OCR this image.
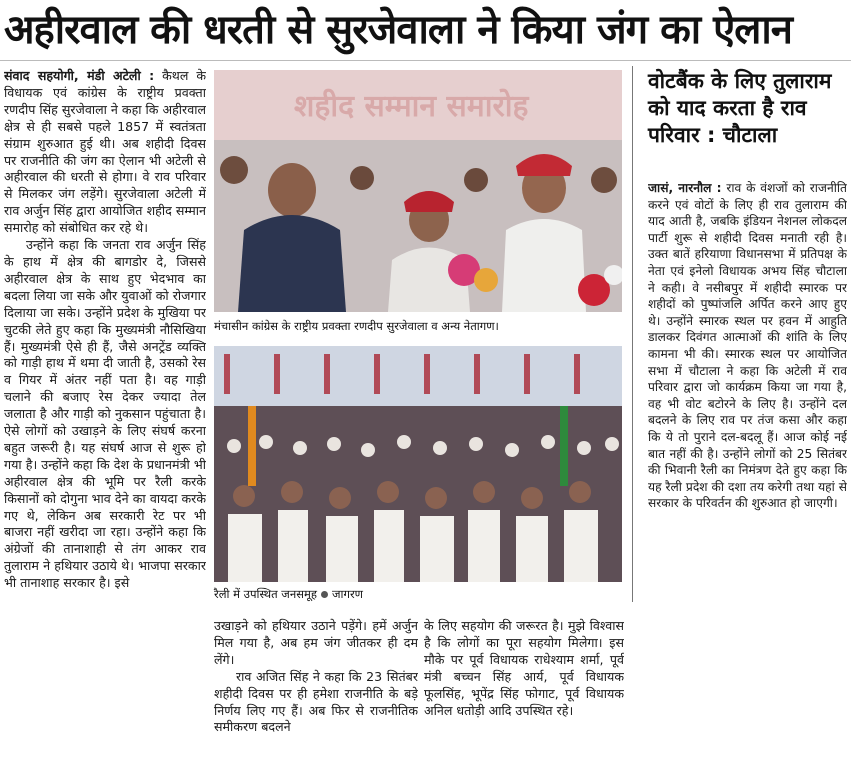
अहीरवाल की धरती से सुरजेवाला ने किया जंग का ऐलान

संवाद सहयोगी, मंडी अटेली : कैथल के विधायक एवं कांग्रेस के राष्ट्रीय प्रवक्ता रणदीप सिंह सुरजेवाला ने कहा कि अहीरवाल क्षेत्र से ही सबसे पहले 1857 में स्वतंत्रता संग्राम शुरुआत हुई थी। अब शहीदी दिवस पर राजनीति की जंग का ऐलान भी अटेली से अहीरवाल की धरती से होगा। वे राव परिवार से मिलकर जंग लड़ेंगे। सुरजेवाला अटेली में राव अर्जुन सिंह द्वारा आयोजित शहीद सम्मान समारोह को संबोधित कर रहे थे।

उन्होंने कहा कि जनता राव अर्जुन सिंह के हाथ में क्षेत्र की बागडोर दे, जिससे अहीरवाल क्षेत्र के साथ हुए भेदभाव का बदला लिया जा सके और युवाओं को रोजगार दिलाया जा सके। उन्होंने प्रदेश के मुखिया पर चुटकी लेते हुए कहा कि मुख्यमंत्री नौसिखिया हैं। मुख्यमंत्री ऐसे ही हैं, जैसे अनट्रेंड व्यक्ति को गाड़ी हाथ में थमा दी जाती है, उसको रेस व गियर में अंतर नहीं पता है। वह गाड़ी चलाने की बजाए रेस देकर ज्यादा तेल जलाता है और गाड़ी को नुकसान पहुंचाता है। ऐसे लोगों को उखाड़ने के लिए संघर्ष करना बहुत जरूरी है। यह संघर्ष आज से शुरू हो गया है। उन्होंने कहा कि देश के प्रधानमंत्री भी अहीरवाल क्षेत्र की भूमि पर रैली करके किसानों को दोगुना भाव देने का वायदा करके गए थे, लेकिन अब सरकारी रेट पर भी बाजरा नहीं खरीदा जा रहा। उन्होंने कहा कि अंग्रेजों की तानाशाही से तंग आकर राव तुलाराम ने हथियार उठाये थे। भाजपा सरकार भी तानाशाह सरकार है। इसे

शहीद सम्मान समारोह
मंचासीन कांग्रेस के राष्ट्रीय प्रवक्ता रणदीप सुरजेवाला व अन्य नेतागण।
रैली में उपस्थित जनसमूह जागरण

उखाड़ने को हथियार उठाने पड़ेंगे। हमें अर्जुन मिल गया है, अब हम जंग जीतकर ही दम लेंगे।

राव अजित सिंह ने कहा कि 23 सितंबर शहीदी दिवस पर ही हमेशा राजनीति के बड़े निर्णय लिए गए हैं। अब फिर से राजनीतिक समीकरण बदलने

के लिए सहयोग की जरूरत है। मुझे विश्वास है कि लोगों का पूरा सहयोग मिलेगा। इस मौके पर पूर्व विधायक राधेश्याम शर्मा, पूर्व मंत्री बच्चन सिंह आर्य, पूर्व विधायक फूलसिंह, भूपेंद्र सिंह फोगाट, पूर्व विधायक अनिल धतोड़ी आदि उपस्थित रहे।

वोटबैंक के लिए तुलाराम को याद करता है राव परिवार : चौटाला

जासं, नारनौल : राव के वंशजों को राजनीति करने एवं वोटों के लिए ही राव तुलाराम की याद आती है, जबकि इंडियन नेशनल लोकदल पार्टी शुरू से शहीदी दिवस मनाती रही है। उक्त बातें हरियाणा विधानसभा में प्रतिपक्ष के नेता एवं इनेलो विधायक अभय सिंह चौटाला ने कही। वे नसीबपुर में शहीदी स्मारक पर शहीदों को पुष्पांजलि अर्पित करने आए हुए थे। उन्होंने स्मारक स्थल पर हवन में आहुति डालकर दिवंगत आत्माओं की शांति के लिए कामना भी की। स्मारक स्थल पर आयोजित सभा में चौटाला ने कहा कि अटेली में राव परिवार द्वारा जो कार्यक्रम किया जा गया है, वह भी वोट बटोरने के लिए है। उन्होंने दल बदलने के लिए राव पर तंज कसा और कहा कि ये तो पुराने दल-बदलू हैं। आज कोई नई बात नहीं की है। उन्होंने लोगों को 25 सितंबर की भिवानी रैली का निमंत्रण देते हुए कहा कि यह रैली प्रदेश की दशा तय करेगी तथा यहां से सरकार के परिवर्तन की शुरुआत हो जाएगी।
